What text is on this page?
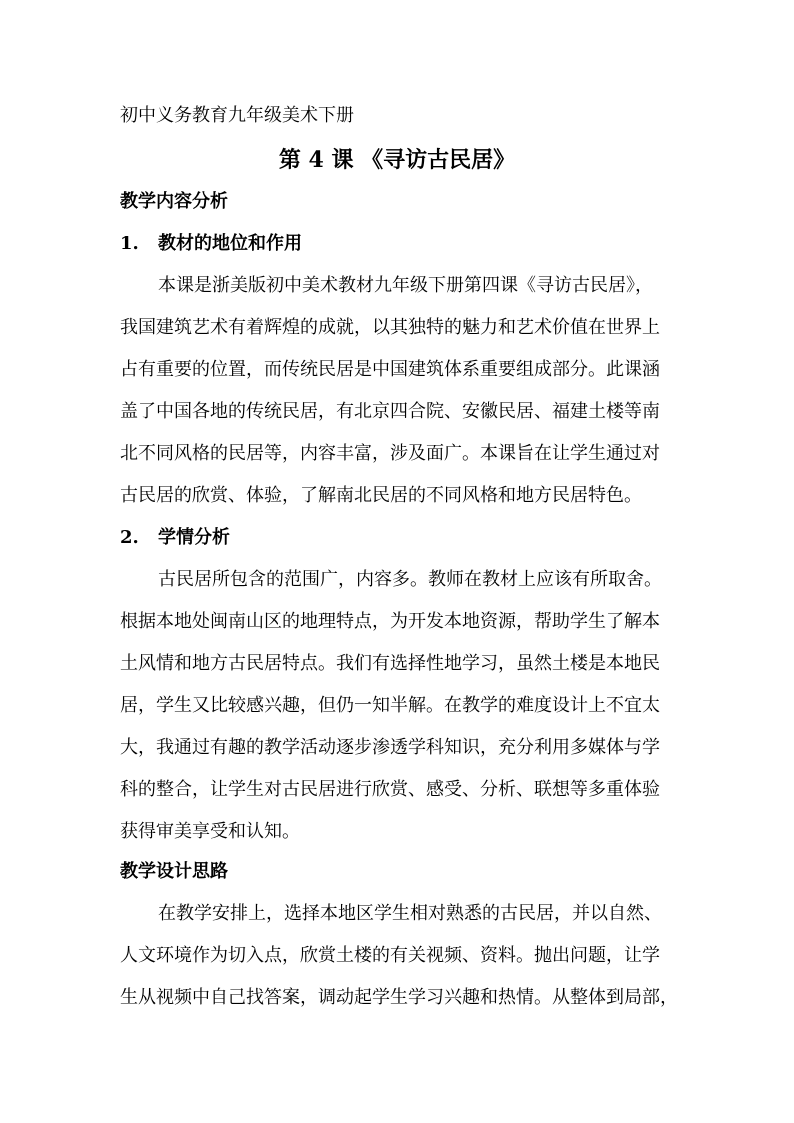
初中义务教育九年级美术下册
第 4 课 《寻访古民居》
教学内容分析
1. 教材的地位和作用
本课是浙美版初中美术教材九年级下册第四课《寻访古民居》，
我国建筑艺术有着辉煌的成就，以其独特的魅力和艺术价值在世界上
占有重要的位置，而传统民居是中国建筑体系重要组成部分。此课涵
盖了中国各地的传统民居，有北京四合院、安徽民居、福建土楼等南
北不同风格的民居等，内容丰富，涉及面广。本课旨在让学生通过对
古民居的欣赏、体验，了解南北民居的不同风格和地方民居特色。
2. 学情分析
古民居所包含的范围广，内容多。教师在教材上应该有所取舍。
根据本地处闽南山区的地理特点，为开发本地资源，帮助学生了解本
土风情和地方古民居特点。我们有选择性地学习，虽然土楼是本地民
居，学生又比较感兴趣，但仍一知半解。在教学的难度设计上不宜太
大，我通过有趣的教学活动逐步渗透学科知识，充分利用多媒体与学
科的整合，让学生对古民居进行欣赏、感受、分析、联想等多重体验
获得审美享受和认知。
教学设计思路
在教学安排上，选择本地区学生相对熟悉的古民居，并以自然、
人文环境作为切入点，欣赏土楼的有关视频、资料。抛出问题，让学
生从视频中自己找答案，调动起学生学习兴趣和热情。从整体到局部，
